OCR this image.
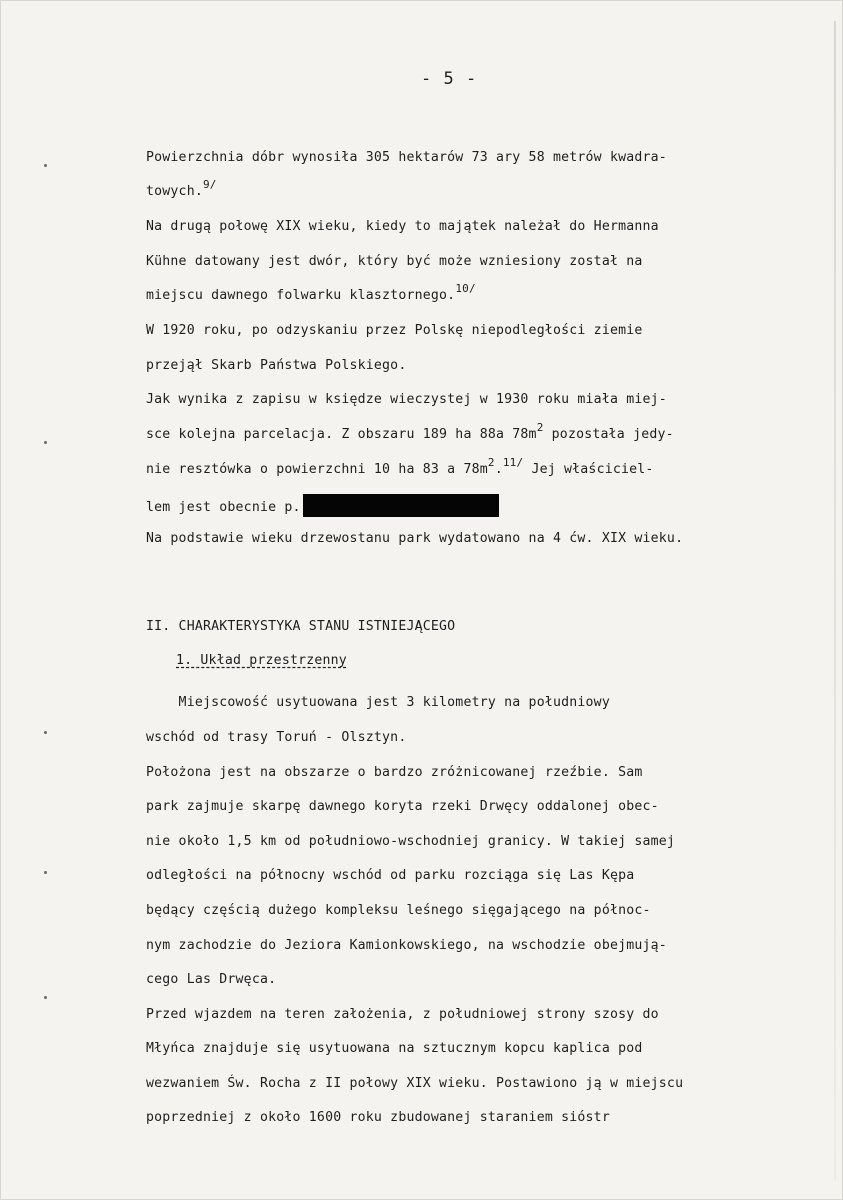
- 5 -
Powierzchnia dóbr wynosiła 305 hektarów 73 ary 58 metrów kwadra-
towych.$^{9/}$
Na drugą połowę XIX wieku, kiedy to majątek należał do Hermanna
Kühne datowany jest dwór, który być może wzniesiony został na
miejscu dawnego folwarku klasztornego.$^{10/}$
W 1920 roku, po odzyskaniu przez Polskę niepodległości ziemie
przejął Skarb Państwa Polskiego.
Jak wynika z zapisu w księdze wieczystej w 1930 roku miała miej-
sce kolejna parcelacja. Z obszaru 189 ha 88a $78m^2$ pozostała jedy-
nie resztówka o powierzchni 10 ha 83 a $78m^2.^{11/}$ Jej właściciel-
lem jest obecnie p.
Na podstawie wieku drzewostanu park wydatowano na 4 ćw. XIX wieku.
II. CHARAKTERYSTYKA STANU ISTNIEJĄCEGO
1. Układ przestrzenny
Miejscowość usytuowana jest 3 kilometry na południowy
wschód od trasy Toruń - Olsztyn.
Położona jest na obszarze o bardzo zróżnicowanej rzeźbie. Sam
park zajmuje skarpę dawnego koryta rzeki Drwęcy oddalonej obec-
nie około 1,5 km od południowo-wschodniej granicy. W takiej samej
odległości na północny wschód od parku rozciąga się Las Kępa
będący częścią dużego kompleksu leśnego sięgającego na północ-
nym zachodzie do Jeziora Kamionkowskiego, na wschodzie obejmują-
cego Las Drwęca.
Przed wjazdem na teren założenia, z południowej strony szosy do
Młyńca znajduje się usytuowana na sztucznym kopcu kaplica pod
wezwaniem Św. Rocha z II połowy XIX wieku. Postawiono ją w miejscu
poprzedniej z około 1600 roku zbudowanej staraniem sióstr
